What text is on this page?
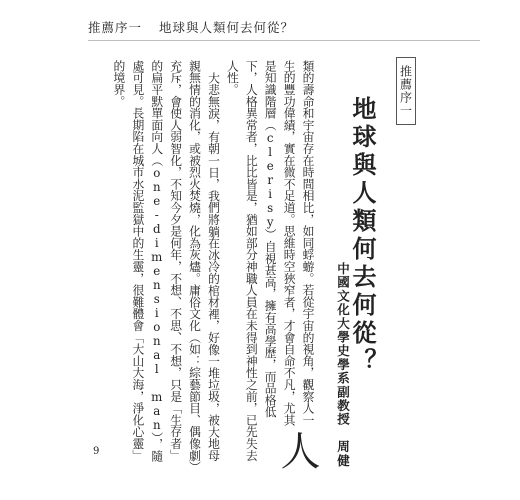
推薦序一 地球與人類何去何從？
推薦序一
地球與人類何去何從？
中國文化大學史學系副教授　周健

人
類的壽命和宇宙存在時間相比，如同蜉蝣。若從宇宙的視角，觀察人一生的豐功偉績，實在微不足道。思維時空狹窄者，才會自命不凡，尤其是知識階層（clerisy）自視甚高，擁有高學歷，而品格低下，人格異常者，比比皆是，猶如部分神職人員在未得到神性之前，已先失去人性。

大悲無淚，有朝一日，我們將躺在冰冷的棺材裡，好像一堆垃圾，被大地母親無情的消化，或被烈火焚燒，化為灰燼。庸俗文化（如：綜藝節目、偶像劇）充斥，會使人弱智化，不知今夕是何年，不想、不思、不想，只是「生存者」的扁平默單面向人（one-dimensional man），隨處可見。長期陷在城市水泥監獄中的生靈，很難體會「大山大海，淨化心靈」的境界。

9
